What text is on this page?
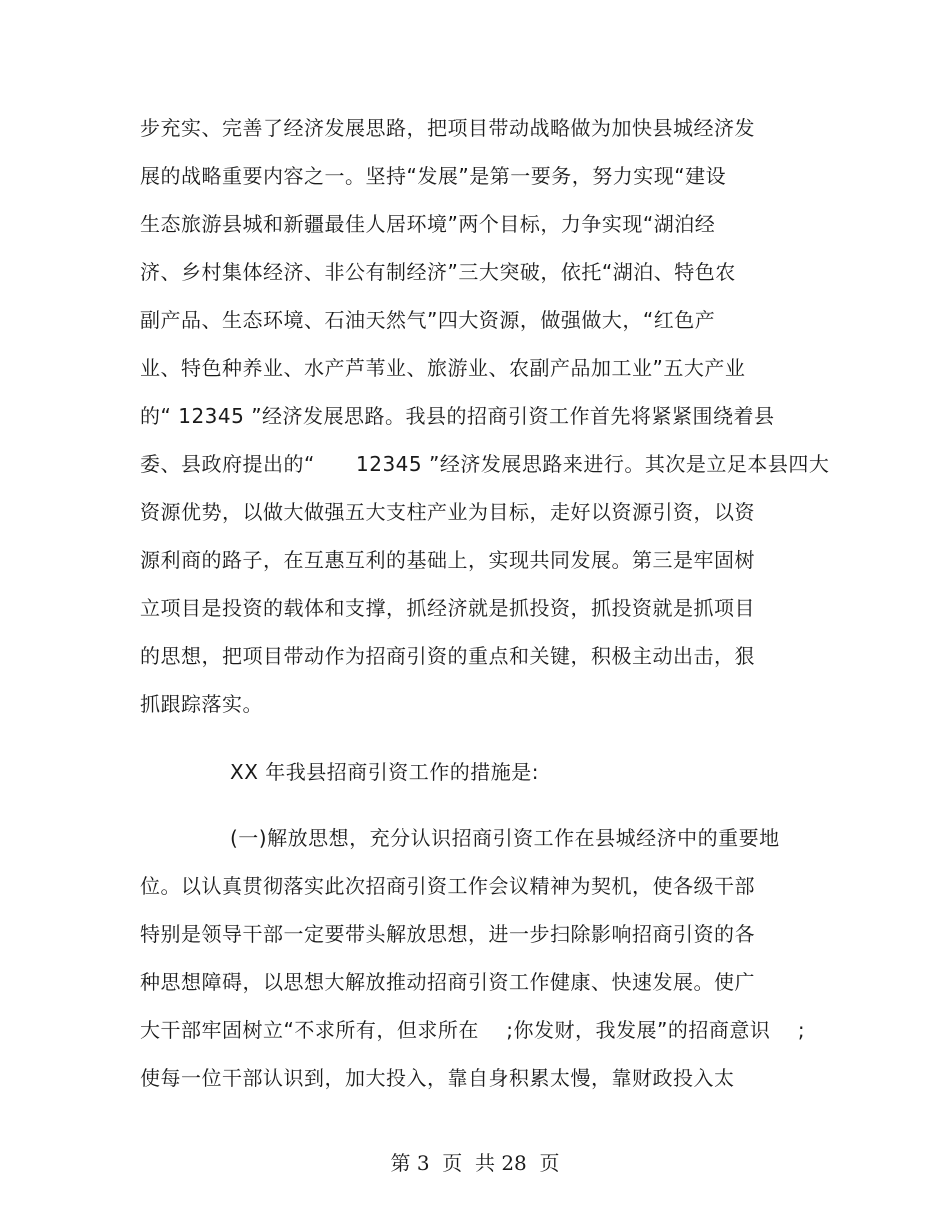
步充实、完善了经济发展思路，把项目带动战略做为加快县城经济发
展的战略重要内容之一。坚持“发展”是第一要务，努力实现“建设
生态旅游县城和新疆最佳人居环境”两个目标，力争实现“湖泊经
济、乡村集体经济、非公有制经济”三大突破，依托“湖泊、特色农
副产品、生态环境、石油天然气”四大资源，做强做大，“红色产
业、特色种养业、水产芦苇业、旅游业、农副产品加工业”五大产业
的“ 12345 ”经济发展思路。我县的招商引资工作首先将紧紧围绕着县
委、县政府提出的“      12345 ”经济发展思路来进行。其次是立足本县四大
资源优势，以做大做强五大支柱产业为目标，走好以资源引资，以资
源利商的路子，在互惠互利的基础上，实现共同发展。第三是牢固树
立项目是投资的载体和支撑，抓经济就是抓投资，抓投资就是抓项目
的思想，把项目带动作为招商引资的重点和关键，积极主动出击，狠
抓跟踪落实。
XX 年我县招商引资工作的措施是:
(一)解放思想，充分认识招商引资工作在县城经济中的重要地
位。以认真贯彻落实此次招商引资工作会议精神为契机，使各级干部
特别是领导干部一定要带头解放思想，进一步扫除影响招商引资的各
种思想障碍，以思想大解放推动招商引资工作健康、快速发展。使广
大干部牢固树立“不求所有，但求所在    ;你发财，我发展”的招商意识    ;
使每一位干部认识到，加大投入，靠自身积累太慢，靠财政投入太
第 3  页  共 28  页
